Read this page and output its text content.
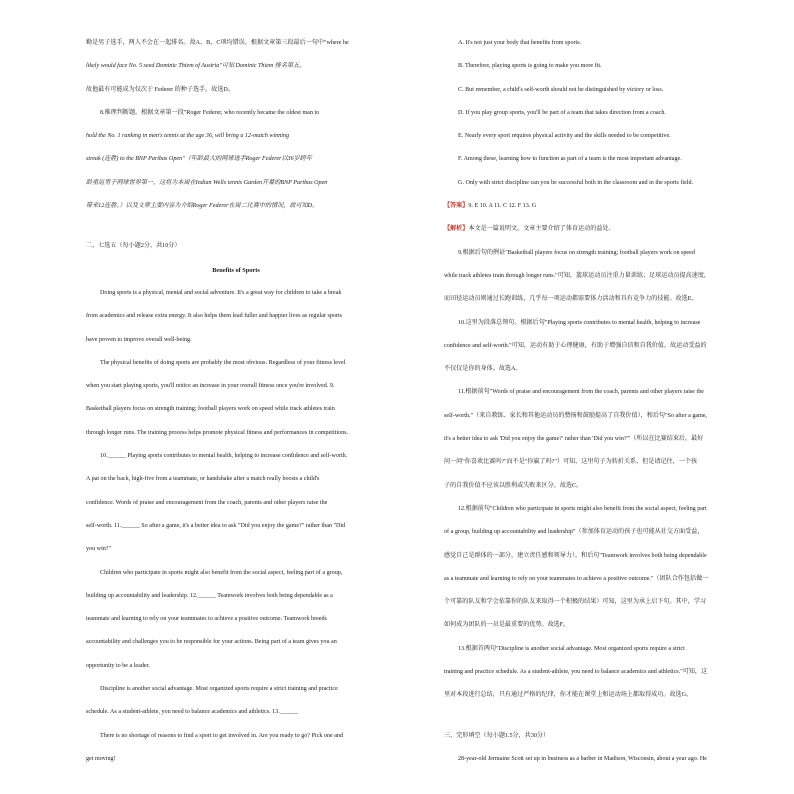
勤是男子选手，两人不会在一起排名。故A、B、C项均错误。根据文章第三段最后一句中"where he
likely would face No. 5 seed Dominic Thiem of Austria"可知 Dominic Thiem 排名第五，
故他最有可能成为仅次于 Federer 的种子选手。故选D。
8.推理判断题。根据文章第一段"Roger Federer, who recently became the oldest man to
hold the No. 1 ranking in men's tennis at the age 36, will bring a 12-match winning
streak (连胜) to the BNP Paribas Open"（年龄最大的网球选手Roger Federer以36岁跨年
龄重返男子网球世界第一，这将为本周在Indian Wells tennis Garden开幕的BNP Paribas Open
带来12连胜。）以及文章主要内容为介绍Roger Federer在周二比赛中的情况，故可知D。
二、七选五（每小题2分，共10分）
Benefits of Sports
Doing sports is a physical, mental and social adventure. It's a great way for children to take a break
from academics and release extra energy. It also helps them lead fuller and happier lives as regular sports
have proven to improve overall well-being.
The physical benefits of doing sports are probably the most obvious. Regardless of your fitness level
when you start playing sports, you'll notice an increase in your overall fitness once you're involved. 9.
Basketball players focus on strength training; football players work on speed while track athletes train
through longer runs. The training process helps promote physical fitness and performances in competitions.
10.______ Playing sports contributes to mental health, helping to increase confidence and self-worth.
A pat on the back, high-five from a teammate, or handshake after a match really boosts a child's
confidence. Words of praise and encouragement from the coach, parents and other players raise the
self-worth. 11.______ So after a game, it's a better idea to ask "Did you enjoy the game?" rather than "Did
you win?"
Children who participate in sports might also benefit from the social aspect, feeling part of a group,
building up accountability and leadership. 12.______ Teamwork involves both being dependable as a
teammate and learning to rely on your teammates to achieve a positive outcome. Teamwork breeds
accountability and challenges you to be responsible for your actions. Being part of a team gives you an
opportunity to be a leader.
Discipline is another social advantage. Most organized sports require a strict training and practice
schedule. As a student-athlete, you need to balance academics and athletics. 13.______
There is no shortage of reasons to find a sport to get involved in. Are you ready to go? Pick one and
get moving!
A. It's not just your body that benefits from sports.
B. Therefore, playing sports is going to make you more fit.
C. But remember, a child's self-worth should not be distinguished by victory or loss.
D. If you play group sports, you'll be part of a team that takes direction from a coach.
E. Nearly every sport requires physical activity and the skills needed to be competitive.
F. Among these, learning how to function as part of a team is the most important advantage.
G. Only with strict discipline can you be successful both in the classroom and in the sports field.
【答案】9. E 10. A 11. C 12. F 13. G
【解析】本文是一篇说明文。文章主要介绍了体育运动的益处。
9.根据后句的例证"Basketball players focus on strength training; football players work on speed
while track athletes train through longer runs."可知，篮球运动员注重力量训练；足球运动员提高速度，
而田径运动员则通过长跑训练，几乎每一项运动都需要体力活动和具有竞争力的技能。故选E。
10.这里为段落总领句。根据后句"Playing sports contributes to mental health, helping to increase
confidence and self-worth."可知，运动有助于心理健康，有助于增强自信和自我价值，故运动受益的
不仅仅是你的身体。故选A。
11.根据前句"Words of praise and encouragement from the coach, parents and other players raise the
self-worth."（来自教练、家长和其他运动员的赞扬和鼓励提高了自我价值），和后句"So after a game,
it's a better idea to ask 'Did you enjoy the game?' rather than 'Did you win?'"（所以在比赛结束后，最好
问一问"你喜欢比赛吗?"而不是"你赢了吗?"）可知，这里句子为转折关系，但是请记住，一个孩
子的自我价值不应该以胜利或失败来区分。故选C。
12.根据前句"Children who participate in sports might also benefit from the social aspect, feeling part
of a group, building up accountability and leadership"（参加体育运动的孩子也可能从社交方面受益，
感觉自己是群体的一部分，建立责任感和领导力），和后句"Teamwork involves both being dependable
as a teammate and learning to rely on your teammates to achieve a positive outcome."（团队合作包括做一
个可靠的队友和学会依靠你的队友来取得一个积极的结果）可知，这里为承上启下句。其中，学习
如何成为团队的一员是最重要的优势。故选F。
13.根据首两句"Discipline is another social advantage. Most organized sports require a strict
training and practice schedule. As a student-athlete, you need to balance academics and athletics."可知，这
里对本段进行总结，只有通过严格的纪律，你才能在课堂上和运动场上都取得成功。故选G。
三、完形填空（每小题1.5分，共30分）
28-year-old Jermaine Scott set up in business as a barber in Madison, Wisconsin, about a year ago. He
